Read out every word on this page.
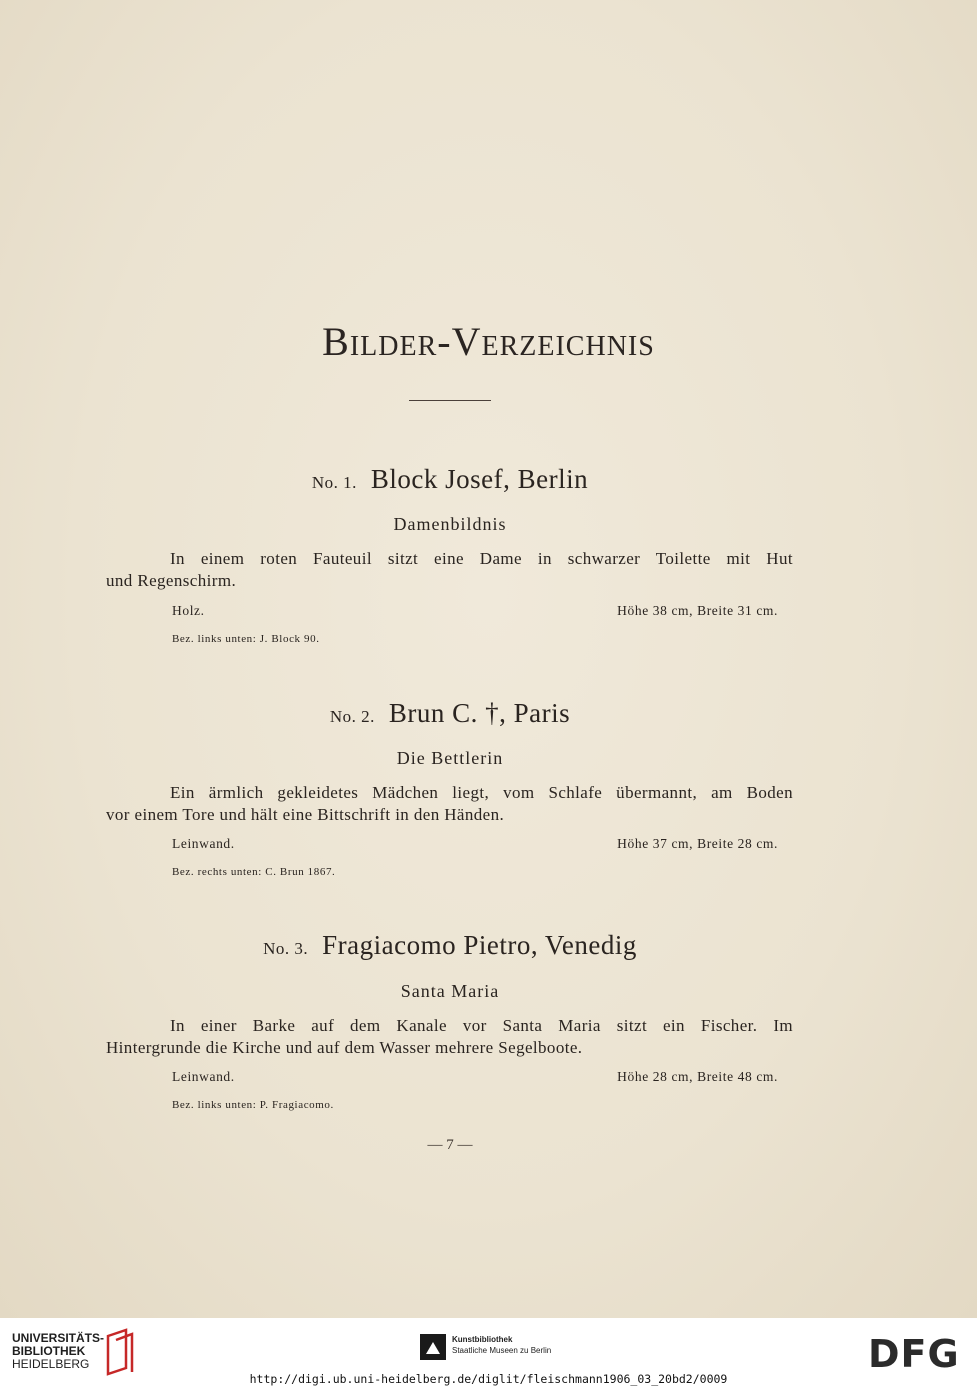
Bilder-Verzeichnis
No. 1. Block Josef, Berlin
Damenbildnis
In einem roten Fauteuil sitzt eine Dame in schwarzer Toilette mit Hut
und Regenschirm.
Holz.	Höhe 38 cm, Breite 31 cm.
Bez. links unten: J. Block 90.
No. 2. Brun C. †, Paris
Die Bettlerin
Ein ärmlich gekleidetes Mädchen liegt, vom Schlafe übermannt, am Boden
vor einem Tore und hält eine Bittschrift in den Händen.
Leinwand.	Höhe 37 cm, Breite 28 cm.
Bez. rechts unten: C. Brun 1867.
No. 3. Fragiacomo Pietro, Venedig
Santa Maria
In einer Barke auf dem Kanale vor Santa Maria sitzt ein Fischer. Im
Hintergrunde die Kirche und auf dem Wasser mehrere Segelboote.
Leinwand.	Höhe 28 cm, Breite 48 cm.
Bez. links unten: P. Fragiacomo.
— 7 —
UNIVERSITÄTS-
BIBLIOTHEK
HEIDELBERG
Kunstbibliothek
Staatliche Museen zu Berlin	DFG
http://digi.ub.uni-heidelberg.de/diglit/fleischmann1906_03_20bd2/0009
